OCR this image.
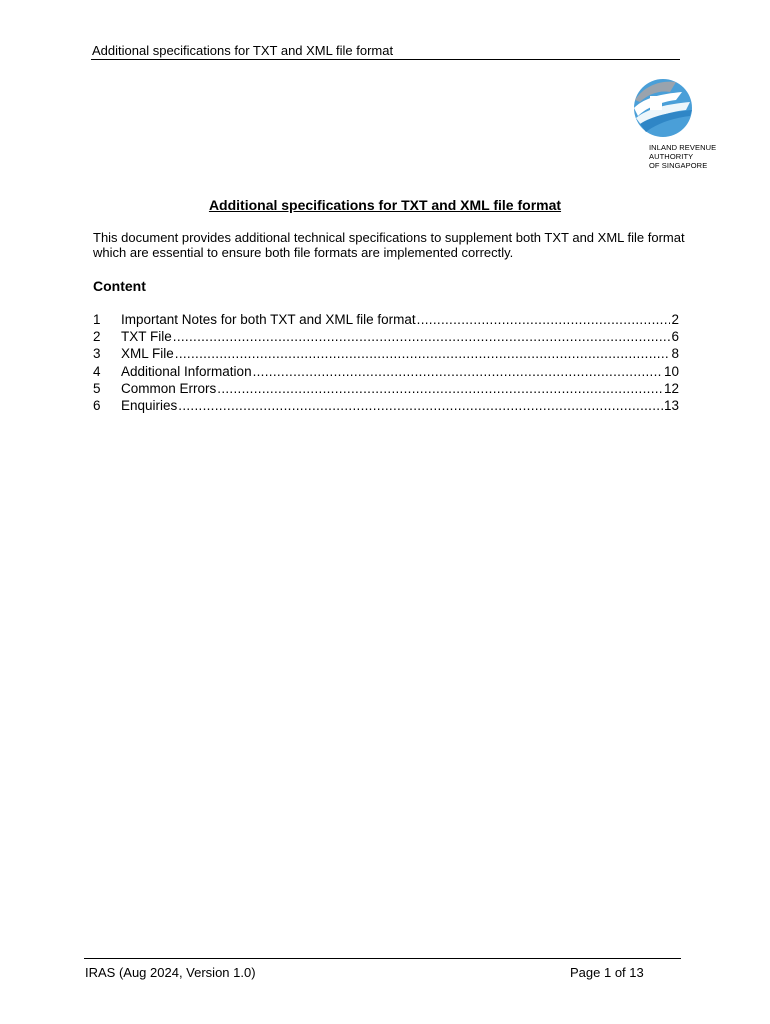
Additional specifications for TXT and XML file format
INLAND REVENUE
AUTHORITY
OF SINGAPORE
Additional specifications for TXT and XML file format
This document provides additional technical specifications to supplement both TXT and XML file format which are essential to ensure both file formats are implemented correctly.
Content
1	Important Notes for both TXT and XML file format .....	2
2	TXT File .....	6
3	XML File .....	8
4	Additional Information .....	10
5	Common Errors .....	12
6	Enquiries .....	13
IRAS (Aug 2024, Version 1.0)	Page 1 of 13
